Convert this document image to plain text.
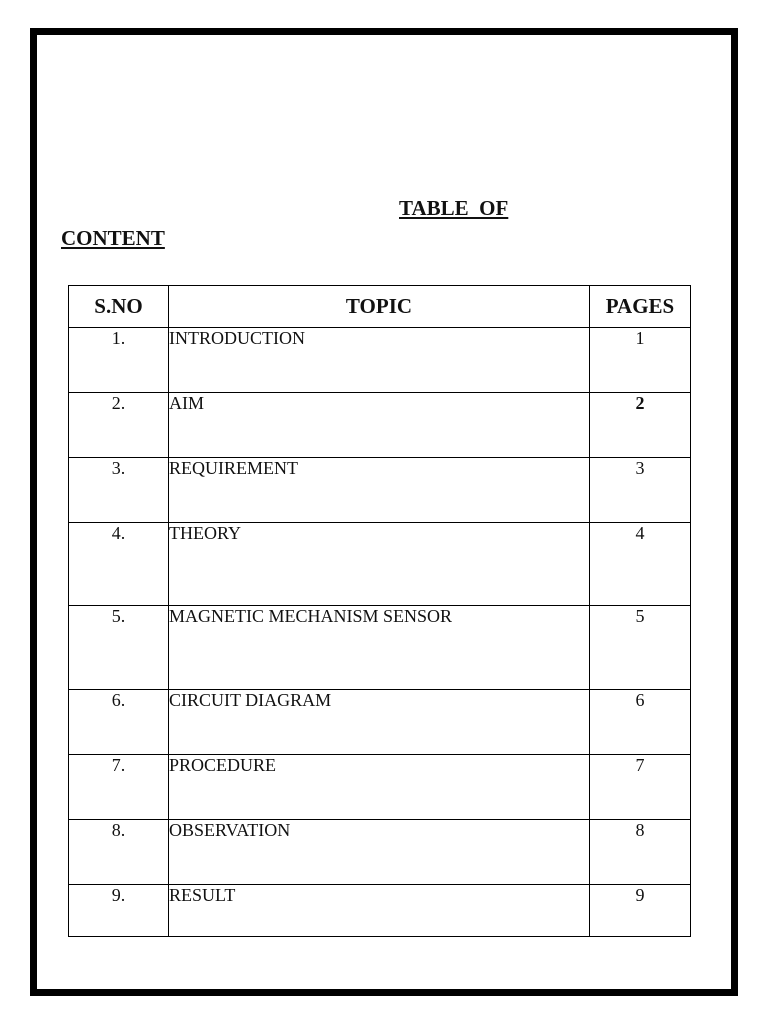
TABLE  OF
CONTENT
S.NO	TOPIC	PAGES
1.	INTRODUCTION	1
2.	AIM	2
3.	REQUIREMENT	3
4.	THEORY	4
5.	MAGNETIC MECHANISM SENSOR	5
6.	CIRCUIT DIAGRAM	6
7.	PROCEDURE	7
8.	OBSERVATION	8
9.	RESULT	9
